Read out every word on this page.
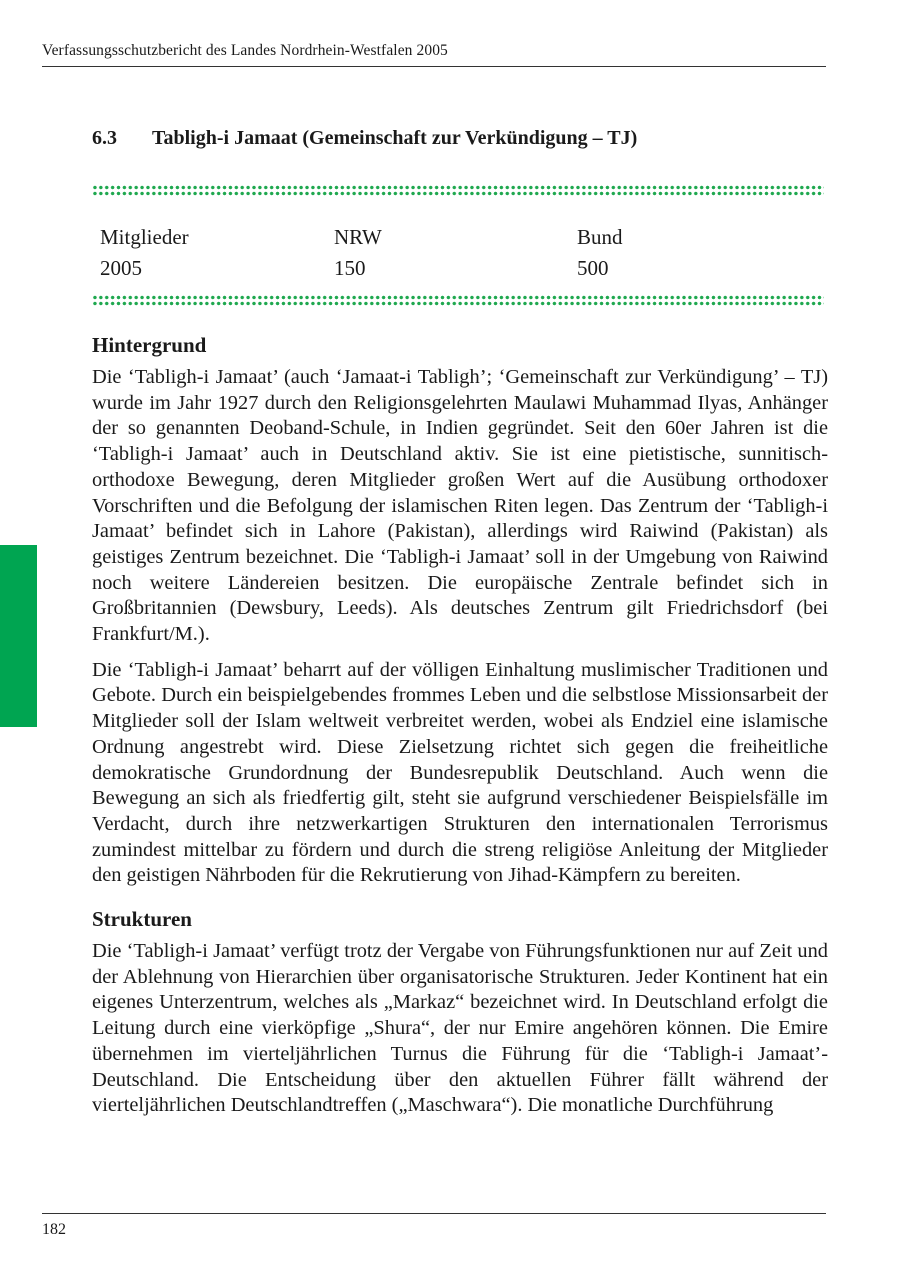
Verfassungsschutzbericht des Landes Nordrhein-Westfalen 2005
6.3 Tabligh-i Jamaat (Gemeinschaft zur Verkündigung – TJ)
Mitglieder	NRW	Bund
2005	150	500
Hintergrund

Die ‘Tabligh-i Jamaat’ (auch ‘Jamaat-i Tabligh’; ‘Gemeinschaft zur Verkündigung’ – TJ) wurde im Jahr 1927 durch den Religionsgelehrten Maulawi Muhammad Ilyas, Anhänger der so genannten Deoband-Schule, in Indien gegründet. Seit den 60er Jahren ist die ‘Tabligh-i Jamaat’ auch in Deutschland aktiv. Sie ist eine pietistische, sunnitisch-orthodoxe Bewegung, deren Mitglieder großen Wert auf die Ausübung orthodoxer Vorschriften und die Befolgung der islamischen Riten legen. Das Zentrum der ‘Tabligh-i Jamaat’ befindet sich in Lahore (Pakistan), allerdings wird Raiwind (Pakistan) als geistiges Zentrum bezeichnet. Die ‘Tabligh-i Jamaat’ soll in der Umgebung von Raiwind noch weitere Ländereien besitzen. Die europäische Zentrale befindet sich in Großbritannien (Dewsbury, Leeds). Als deutsches Zentrum gilt Friedrichsdorf (bei Frankfurt/M.).

Die ‘Tabligh-i Jamaat’ beharrt auf der völligen Einhaltung muslimischer Traditionen und Gebote. Durch ein beispielgebendes frommes Leben und die selbstlose Missionsarbeit der Mitglieder soll der Islam weltweit verbreitet werden, wobei als Endziel eine islamische Ordnung angestrebt wird. Diese Zielsetzung richtet sich gegen die freiheitliche demokratische Grundordnung der Bundesrepublik Deutschland. Auch wenn die Bewegung an sich als friedfertig gilt, steht sie aufgrund verschiedener Beispielsfälle im Verdacht, durch ihre netzwerkartigen Strukturen den internationalen Terrorismus zumindest mittelbar zu fördern und durch die streng religiöse Anleitung der Mitglieder den geistigen Nährboden für die Rekrutierung von Jihad-Kämpfern zu bereiten.

Strukturen

Die ‘Tabligh-i Jamaat’ verfügt trotz der Vergabe von Führungsfunktionen nur auf Zeit und der Ablehnung von Hierarchien über organisatorische Strukturen. Jeder Kontinent hat ein eigenes Unterzentrum, welches als „Markaz“ bezeichnet wird. In Deutschland erfolgt die Leitung durch eine vierköpfige „Shura“, der nur Emire angehören können. Die Emire übernehmen im vierteljährlichen Turnus die Führung für die ‘Tabligh-i Jamaat’-Deutschland. Die Entscheidung über den aktuellen Führer fällt während der vierteljährlichen Deutschlandtreffen („Maschwara“). Die monatliche Durchführung

182
